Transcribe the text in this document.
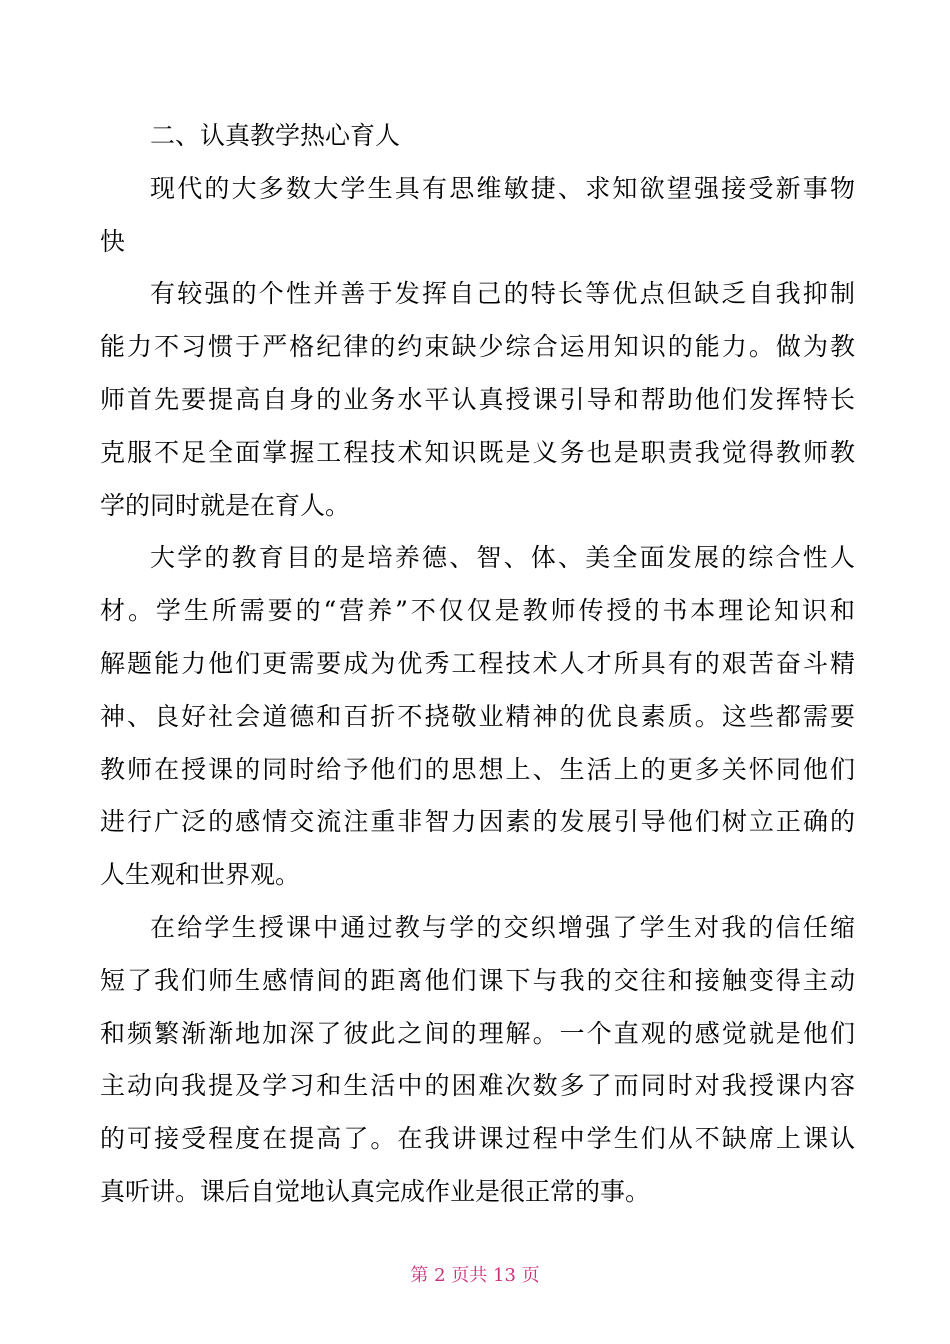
二、认真教学热心育人
现代的大多数大学生具有思维敏捷、求知欲望强接受新事物
快
有较强的个性并善于发挥自己的特长等优点但缺乏自我抑制
能力不习惯于严格纪律的约束缺少综合运用知识的能力。做为教
师首先要提高自身的业务水平认真授课引导和帮助他们发挥特长
克服不足全面掌握工程技术知识既是义务也是职责我觉得教师教
学的同时就是在育人。
大学的教育目的是培养德、智、体、美全面发展的综合性人
材。学生所需要的“营养”不仅仅是教师传授的书本理论知识和
解题能力他们更需要成为优秀工程技术人才所具有的艰苦奋斗精
神、良好社会道德和百折不挠敬业精神的优良素质。这些都需要
教师在授课的同时给予他们的思想上、生活上的更多关怀同他们
进行广泛的感情交流注重非智力因素的发展引导他们树立正确的
人生观和世界观。
在给学生授课中通过教与学的交织增强了学生对我的信任缩
短了我们师生感情间的距离他们课下与我的交往和接触变得主动
和频繁渐渐地加深了彼此之间的理解。一个直观的感觉就是他们
主动向我提及学习和生活中的困难次数多了而同时对我授课内容
的可接受程度在提高了。在我讲课过程中学生们从不缺席上课认
真听讲。课后自觉地认真完成作业是很正常的事。
第 2 页共 13 页
